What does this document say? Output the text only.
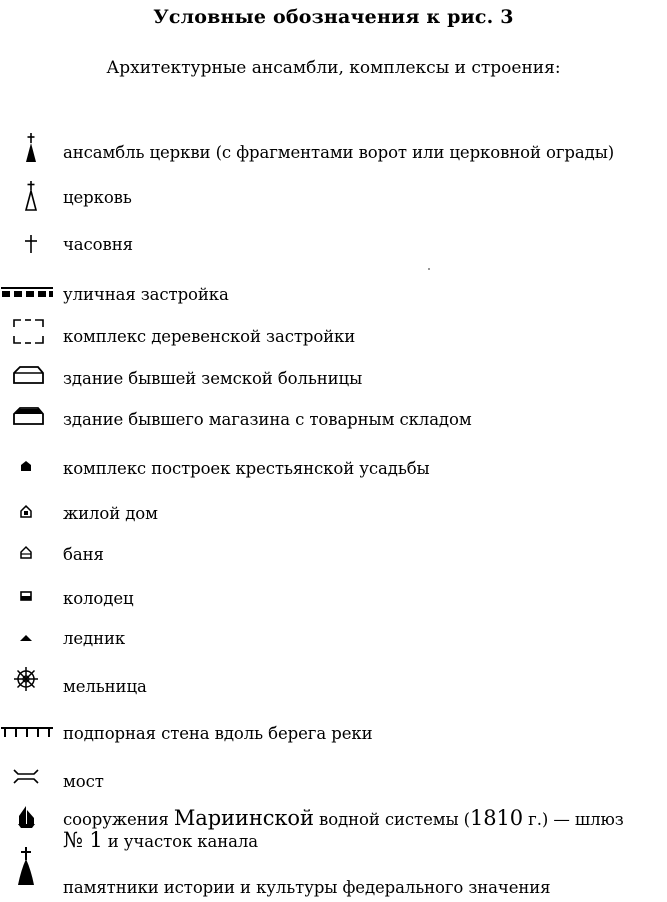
Условные обозначения к рис. 3
Архитектурные ансамбли, комплексы и строения:
ансамбль церкви (с фрагментами ворот или церковной ограды)
церковь
часовня
уличная застройка
комплекс деревенской застройки
здание бывшей земской больницы
здание бывшего магазина с товарным складом
комплекс построек крестьянской усадьбы
жилой дом
баня
колодец
ледник
мельница
подпорная стена вдоль берега реки
мост
сооружения Мариинской водной системы (1810 г.) — шлюз
№ 1 и участок канала
памятники истории и культуры федерального значения
